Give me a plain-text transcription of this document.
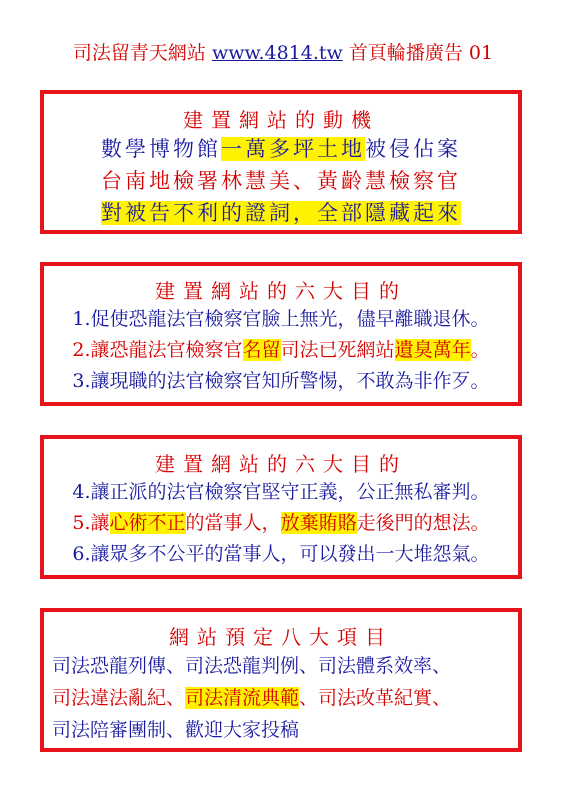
司法留青天網站 www.4814.tw 首頁輪播廣告 01
建置網站的動機
數學博物館一萬多坪土地被侵佔案
台南地檢署林慧美、黃齡慧檢察官
對被告不利的證詞，全部隱藏起來
建置網站的六大目的
1.促使恐龍法官檢察官臉上無光，儘早離職退休。
2.讓恐龍法官檢察官名留司法已死網站遺臭萬年。
3.讓現職的法官檢察官知所警惕，不敢為非作歹。
建置網站的六大目的
4.讓正派的法官檢察官堅守正義，公正無私審判。
5.讓心術不正的當事人，放棄賄賂走後門的想法。
6.讓眾多不公平的當事人，可以發出一大堆怨氣。
網站預定八大項目
司法恐龍列傳、司法恐龍判例、司法體系效率、
司法違法亂紀、司法清流典範、司法改革紀實、
司法陪審團制、歡迎大家投稿
